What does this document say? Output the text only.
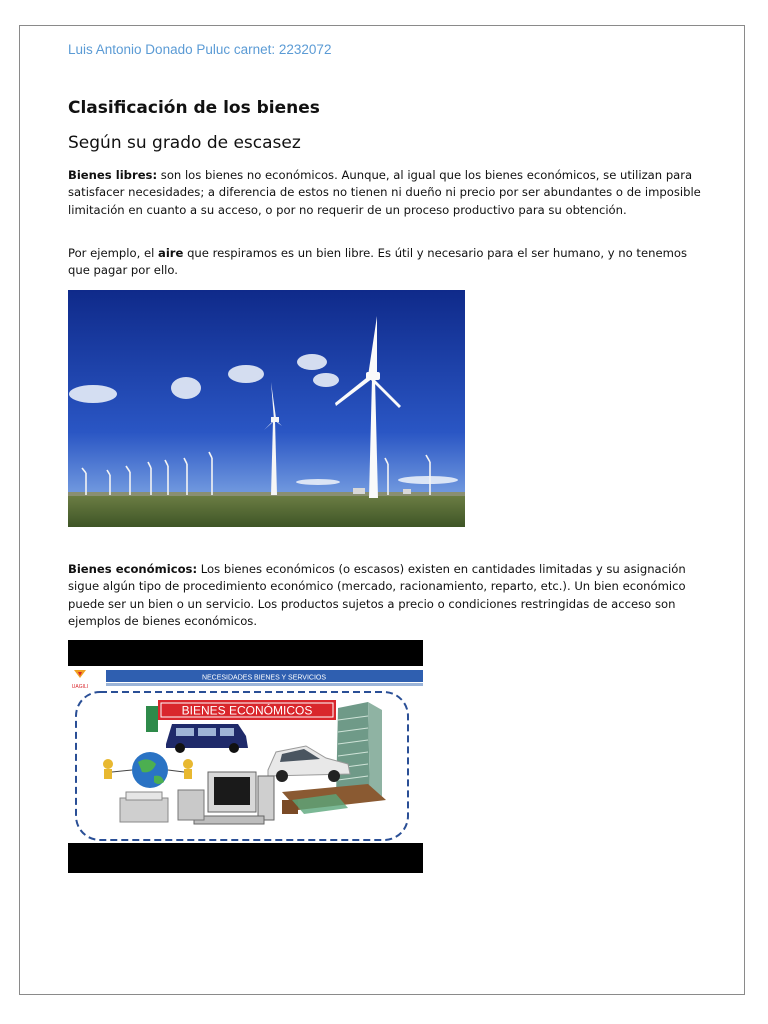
Luis Antonio Donado Puluc carnet: 2232072
Clasificación de los bienes
Según su grado de escasez
Bienes libres: son los bienes no económicos. Aunque, al igual que los bienes económicos, se utilizan para satisfacer necesidades; a diferencia de estos no tienen ni dueño ni precio por ser abundantes o de imposible limitación en cuanto a su acceso, o por no requerir de un proceso productivo para su obtención.
Por ejemplo, el aire que respiramos es un bien libre. Es útil y necesario para el ser humano, y no tenemos que pagar por ello.
Bienes económicos: Los bienes económicos (o escasos) existen en cantidades limitadas y su asignación sigue algún tipo de procedimiento económico (mercado, racionamiento, reparto, etc.). Un bien económico puede ser un bien o un servicio. Los productos sujetos a precio o condiciones restringidas de acceso son ejemplos de bienes económicos.
NECESIDADES BIENES Y SERVICIOS
UAGILI
BIENES ECONÓMICOS
